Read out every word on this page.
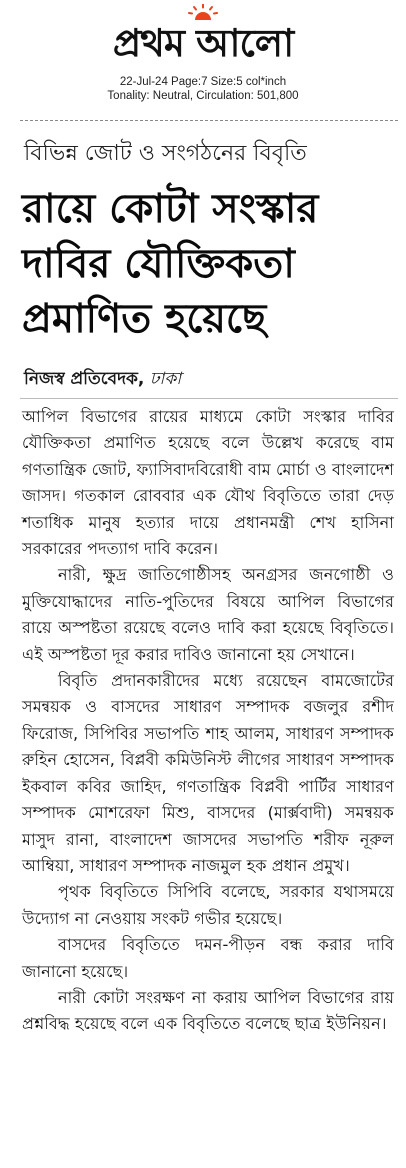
প্রথম আলো
22-Jul-24 Page:7 Size:5 col*inch
Tonality: Neutral, Circulation: 501,800
বিভিন্ন জোট ও সংগঠনের বিবৃতি
রায়ে কোটা সংস্কার
দাবির যৌক্তিকতা
প্রমাণিত হয়েছে
নিজস্ব প্রতিবেদক, ঢাকা

আপিল বিভাগের রায়ের মাধ্যমে কোটা সংস্কার দাবির যৌক্তিকতা প্রমাণিত হয়েছে বলে উল্লেখ করেছে বাম গণতান্ত্রিক জোট, ফ্যাসিবাদবিরোধী বাম মোর্চা ও বাংলাদেশ জাসদ। গতকাল রোববার এক যৌথ বিবৃতিতে তারা দেড় শতাধিক মানুষ হত্যার দায়ে প্রধানমন্ত্রী শেখ হাসিনা সরকারের পদত্যাগ দাবি করেন।

নারী, ক্ষুদ্র জাতিগোষ্ঠীসহ অনগ্রসর জনগোষ্ঠী ও মুক্তিযোদ্ধাদের নাতি-পুতিদের বিষয়ে আপিল বিভাগের রায়ে অস্পষ্টতা রয়েছে বলেও দাবি করা হয়েছে বিবৃতিতে। এই অস্পষ্টতা দূর করার দাবিও জানানো হয় সেখানে।

বিবৃতি প্রদানকারীদের মধ্যে রয়েছেন বামজোটের সমন্বয়ক ও বাসদের সাধারণ সম্পাদক বজলুর রশীদ ফিরোজ, সিপিবির সভাপতি শাহ আলম, সাধারণ সম্পাদক রুহিন হোসেন, বিপ্লবী কমিউনিস্ট লীগের সাধারণ সম্পাদক ইকবাল কবির জাহিদ, গণতান্ত্রিক বিপ্লবী পার্টির সাধারণ সম্পাদক মোশরেফা মিশু, বাসদের (মার্ক্সবাদী) সমন্বয়ক মাসুদ রানা, বাংলাদেশ জাসদের সভাপতি শরীফ নূরুল আম্বিয়া, সাধারণ সম্পাদক নাজমুল হক প্রধান প্রমুখ।

পৃথক বিবৃতিতে সিপিবি বলেছে, সরকার যথাসময়ে উদ্যোগ না নেওয়ায় সংকট গভীর হয়েছে।

বাসদের বিবৃতিতে দমন-পীড়ন বন্ধ করার দাবি জানানো হয়েছে।

নারী কোটা সংরক্ষণ না করায় আপিল বিভাগের রায় প্রশ্নবিদ্ধ হয়েছে বলে এক বিবৃতিতে বলেছে ছাত্র ইউনিয়ন।
